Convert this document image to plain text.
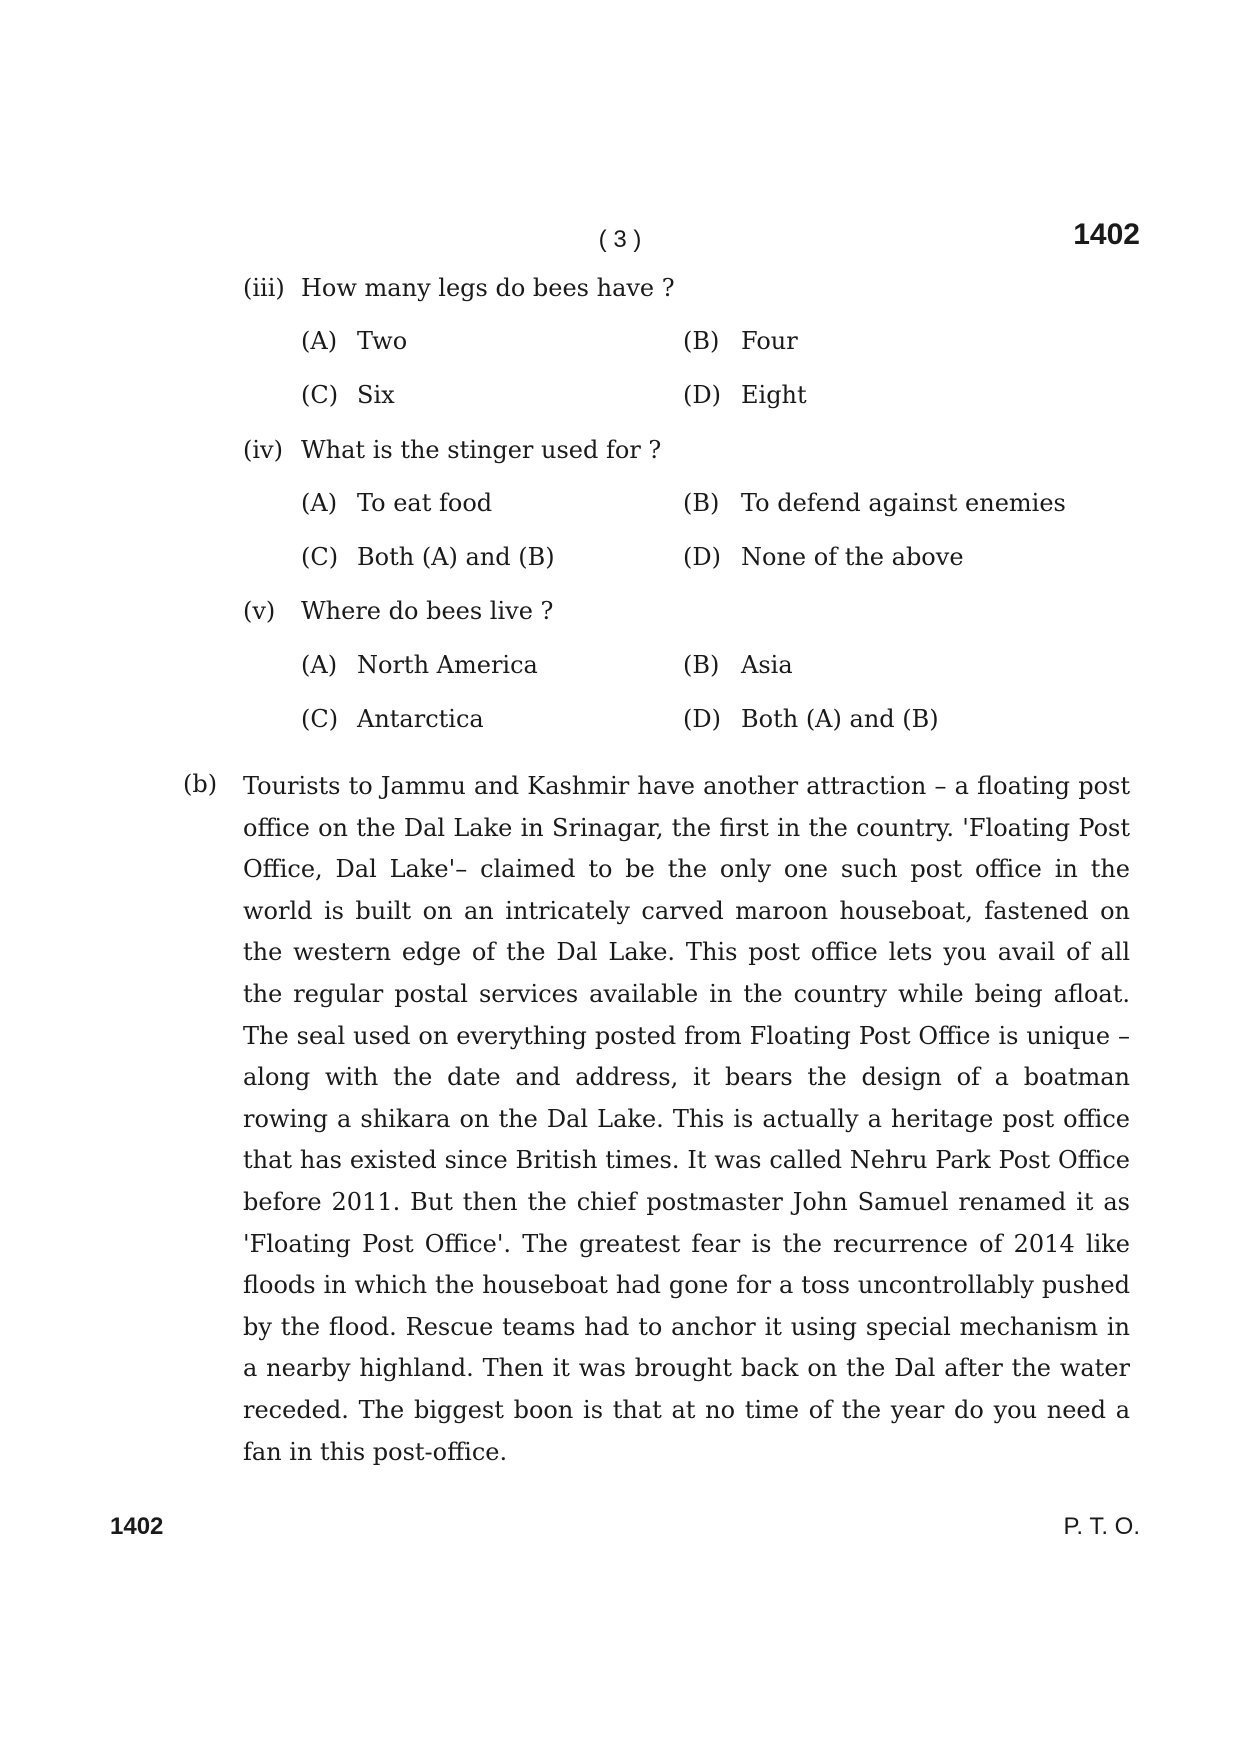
( 3 )	1402
(iii) How many legs do bees have ?
(A) Two	(B) Four
(C) Six	(D) Eight
(iv) What is the stinger used for ?
(A) To eat food	(B) To defend against enemies
(C) Both (A) and (B)	(D) None of the above
(v) Where do bees live ?
(A) North America	(B) Asia
(C) Antarctica	(D) Both (A) and (B)
(b) Tourists to Jammu and Kashmir have another attraction – a floating post office on the Dal Lake in Srinagar, the first in the country. 'Floating Post Office, Dal Lake'– claimed to be the only one such post office in the world is built on an intricately carved maroon houseboat, fastened on the western edge of the Dal Lake. This post office lets you avail of all the regular postal services available in the country while being afloat. The seal used on everything posted from Floating Post Office is unique – along with the date and address, it bears the design of a boatman rowing a shikara on the Dal Lake. This is actually a heritage post office that has existed since British times. It was called Nehru Park Post Office before 2011. But then the chief postmaster John Samuel renamed it as 'Floating Post Office'. The greatest fear is the recurrence of 2014 like floods in which the houseboat had gone for a toss uncontrollably pushed by the flood. Rescue teams had to anchor it using special mechanism in a nearby highland. Then it was brought back on the Dal after the water receded. The biggest boon is that at no time of the year do you need a fan in this post-office.

1402	P. T. O.
